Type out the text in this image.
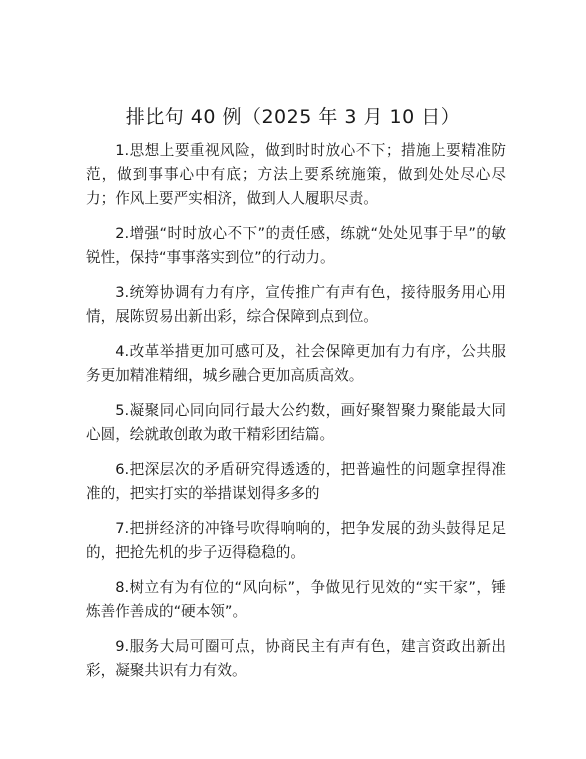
排比句 40 例（2025 年 3 月 10 日）

1.思想上要重视风险，做到时时放心不下；措施上要精准防范，做到事事心中有底；方法上要系统施策，做到处处尽心尽力；作风上要严实相济，做到人人履职尽责。

2.增强“时时放心不下”的责任感，练就“处处见事于早”的敏锐性，保持“事事落实到位”的行动力。

3.统筹协调有力有序，宣传推广有声有色，接待服务用心用情，展陈贸易出新出彩，综合保障到点到位。

4.改革举措更加可感可及，社会保障更加有力有序，公共服务更加精准精细，城乡融合更加高质高效。

5.凝聚同心同向同行最大公约数，画好聚智聚力聚能最大同心圆，绘就敢创敢为敢干精彩团结篇。

6.把深层次的矛盾研究得透透的，把普遍性的问题拿捏得准准的，把实打实的举措谋划得多多的

7.把拼经济的冲锋号吹得响响的，把争发展的劲头鼓得足足的，把抢先机的步子迈得稳稳的。

8.树立有为有位的“风向标”，争做见行见效的“实干家”，锤炼善作善成的“硬本领”。

9.服务大局可圈可点，协商民主有声有色，建言资政出新出彩，凝聚共识有力有效。
